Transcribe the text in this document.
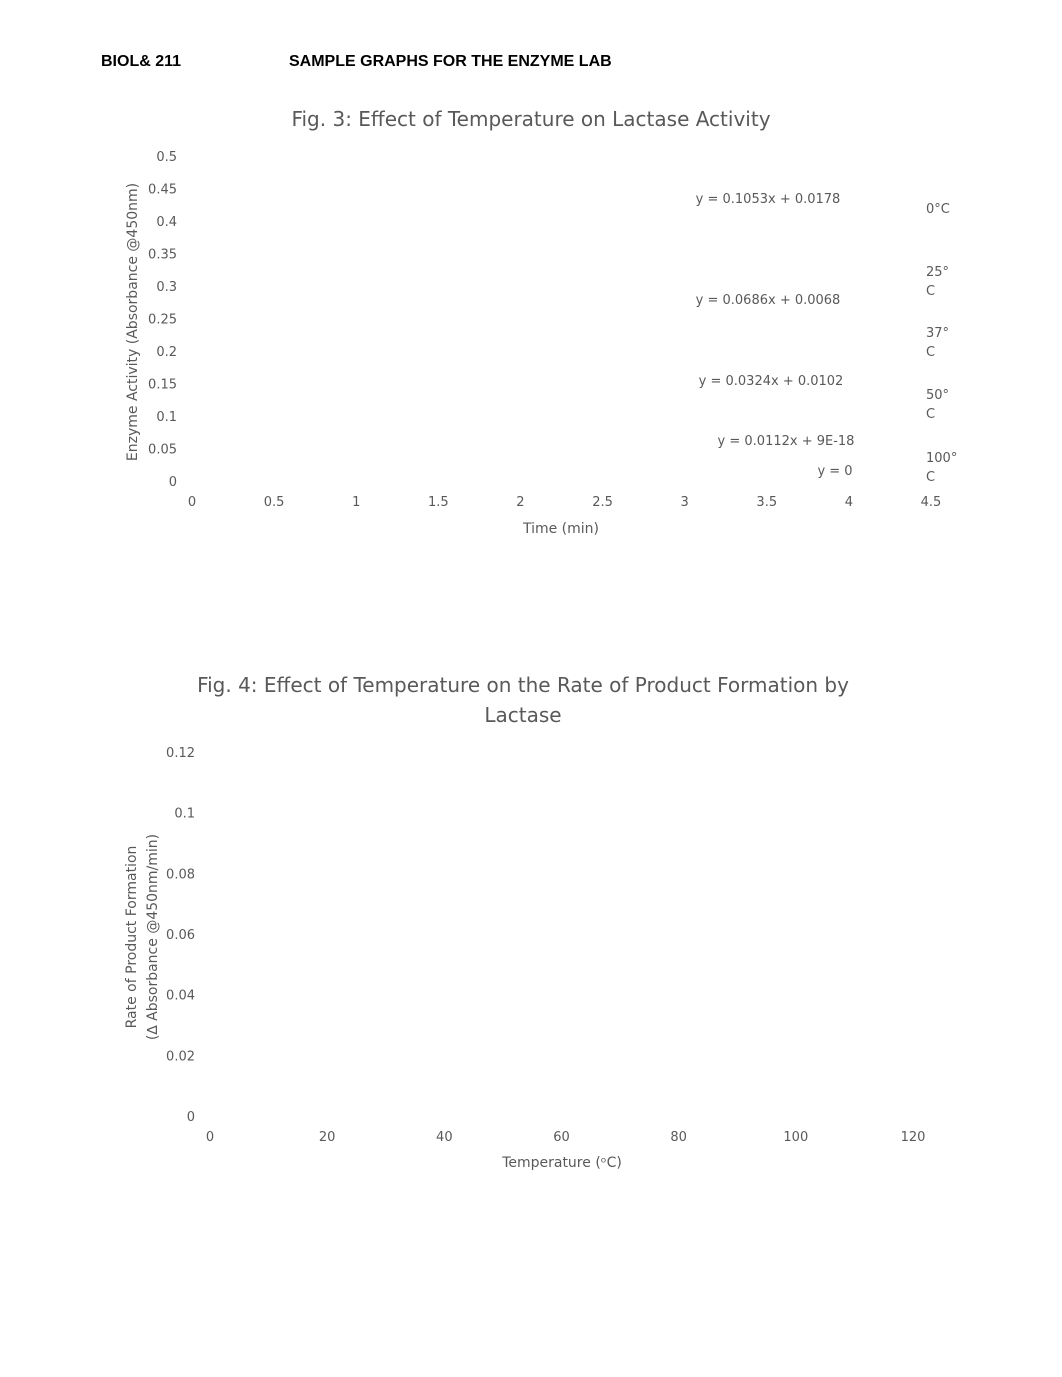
BIOL& 211	SAMPLE GRAPHS FOR THE ENZYME LAB
Fig. 3: Effect of Temperature on Lactase Activity
Enzyme Activity (Absorbance @450nm)
Time (min)
0
0.05
0.1
0.15
0.2
0.25
0.3
0.35
0.4
0.45
0.5
0	0.5	1	1.5	2	2.5	3	3.5	4	4.5
y = 0.1053x + 0.0178
y = 0.0686x + 0.0068
y = 0.0324x + 0.0102
y = 0.0112x + 9E-18
y = 0
0°C
25°
C
37°
C
50°
C
100°
C
Fig. 4: Effect of Temperature on the Rate of Product Formation by
Lactase
Rate of Product Formation (∆ Absorbance @450nm/min)
Temperature (ᵒC)
0
0.02
0.04
0.06
0.08
0.1
0.12
0	20	40	60	80	100	120
